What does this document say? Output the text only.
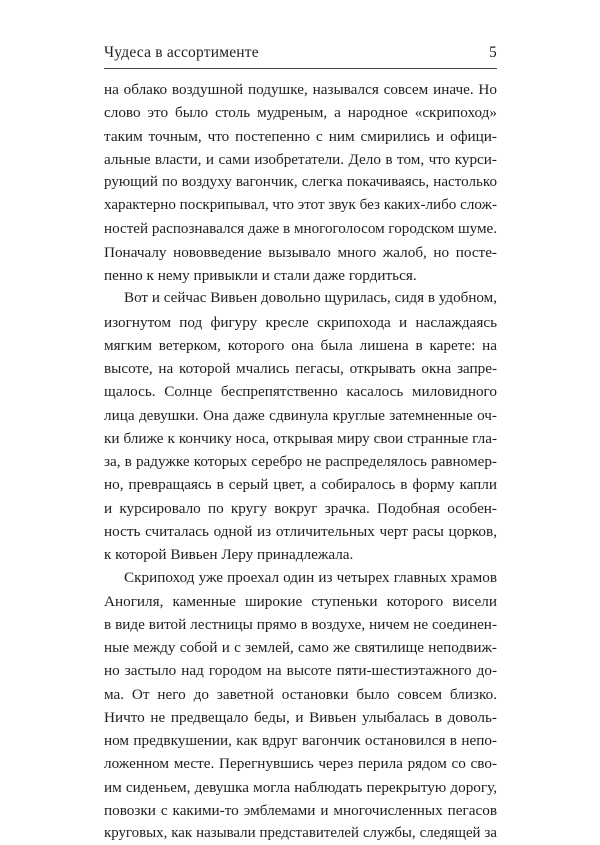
Чудеса в ассортименте	5
на облако воздушной подушке, назывался совсем иначе. Но
слово это было столь мудреным, а народное «скрипоход»
таким точным, что постепенно с ним смирились и офици-
альные власти, и сами изобретатели. Дело в том, что курси-
рующий по воздуху вагончик, слегка покачиваясь, настолько
характерно поскрипывал, что этот звук без каких-либо слож-
ностей распознавался даже в многоголосом городском шуме.
Поначалу нововведение вызывало много жалоб, но посте-
пенно к нему привыкли и стали даже гордиться.
Вот и сейчас Вивьен довольно щурилась, сидя в удобном,
изогнутом под фигуру кресле скрипохода и наслаждаясь
мягким ветерком, которого она была лишена в карете: на
высоте, на которой мчались пегасы, открывать окна запре-
щалось. Солнце беспрепятственно касалось миловидного
лица девушки. Она даже сдвинула круглые затемненные оч-
ки ближе к кончику носа, открывая миру свои странные гла-
за, в радужке которых серебро не распределялось равномер-
но, превращаясь в серый цвет, а собиралось в форму капли
и курсировало по кругу вокруг зрачка. Подобная особен-
ность считалась одной из отличительных черт расы цорков,
к которой Вивьен Леру принадлежала.
Скрипоход уже проехал один из четырех главных храмов
Аногиля, каменные широкие ступеньки которого висели
в виде витой лестницы прямо в воздухе, ничем не соединен-
ные между собой и с землей, само же святилище неподвиж-
но застыло над городом на высоте пяти-шестиэтажного до-
ма. От него до заветной остановки было совсем близко.
Ничто не предвещало беды, и Вивьен улыбалась в доволь-
ном предвкушении, как вдруг вагончик остановился в непо-
ложенном месте. Перегнувшись через перила рядом со сво-
им сиденьем, девушка могла наблюдать перекрытую дорогу,
повозки с какими-то эмблемами и многочисленных пегасов
круговых, как называли представителей службы, следящей за
